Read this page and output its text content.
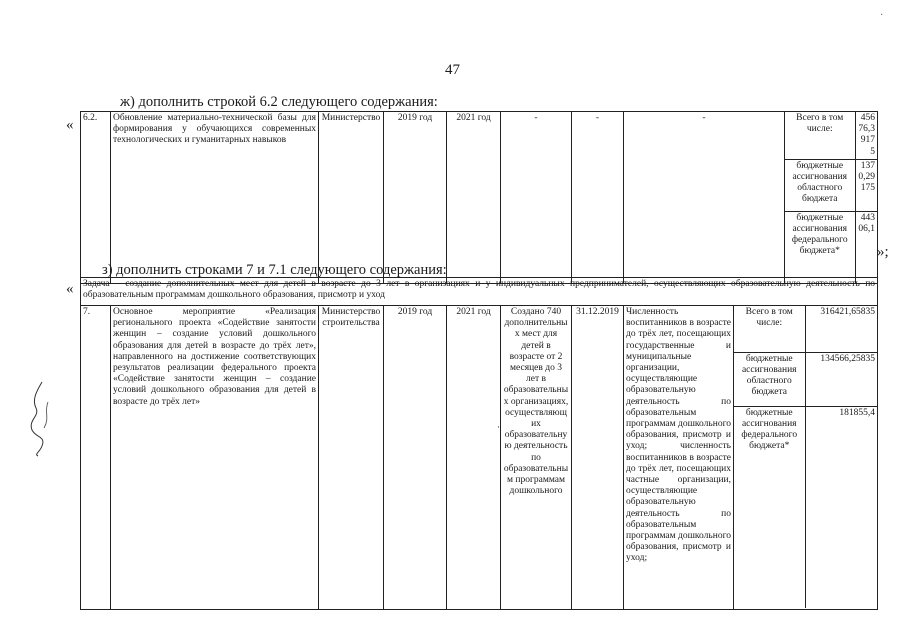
·
47
ж) дополнить строкой 6.2 следующего содержания:
« 6.2.	Обновление материально-технической базы для формирования у обучающихся современных технологических и гуманитарных навыков	Министерство	2019 год	2021 год	-	-	-		Всего в том числе:	45676,39175
бюджетные ассигнования областного бюджета	1370,29175
бюджетные ассигнования федерального бюджета*	44306,1
»;
з) дополнить строками 7 и 7.1 следующего содержания:
« Задача – создание дополнительных мест для детей в возрасте до 3 лет в организациях и у индивидуальных предпринимателей, осуществляющих образовательную деятельность по образовательным программам дошкольного образования, присмотр и уход
7.	Основное мероприятие «Реализация регионального проекта «Содействие занятости женщин – создание условий дошкольного образования для детей в возрасте до трёх лет», направленного на достижение соответствующих результатов реализации федерального проекта «Содействие занятости женщин – создание условий дошкольного образования для детей в возрасте до трёх лет»	Министерство строительства	2019 год	2021 год	Создано 740 дополнительных мест для детей в возрасте от 2 месяцев до 3 лет в образовательных организациях, осуществляющих образовательную деятельность по образовательным программам дошкольного	31.12.2019	Численность воспитанников в возрасте до трёх лет, посещающих государственные и муниципальные организации, осуществляющие образовательную деятельность по образовательным программам дошкольного образования, присмотр и уход; численность воспитанников в возрасте до трёх лет, посещающих частные организации, осуществляющие образовательную деятельность по образовательным программам дошкольного образования, присмотр и уход;	
Всего в том числе:	316421,65835
бюджетные ассигнования областного бюджета	134566,25835
бюджетные ассигнования федерального бюджета*	181855,4
·
